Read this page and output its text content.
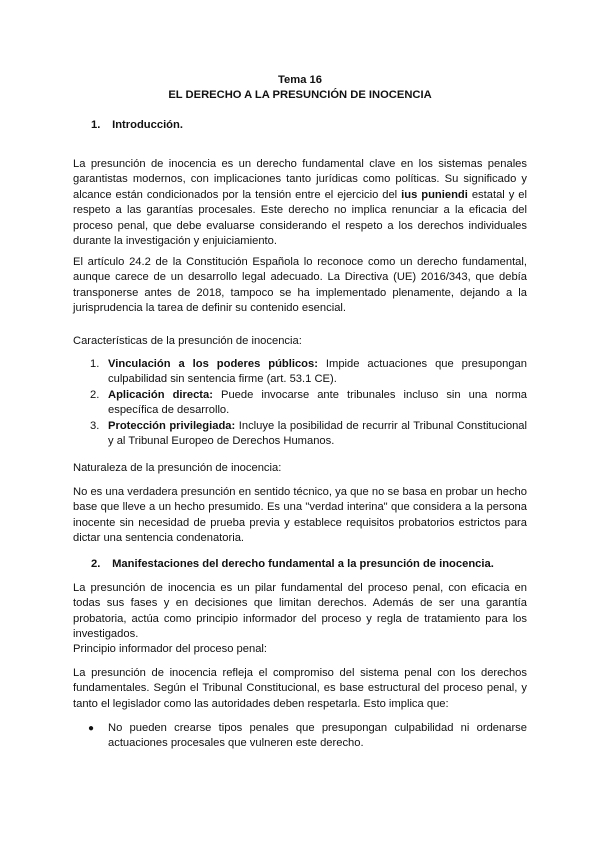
Tema 16
EL DERECHO A LA PRESUNCIÓN DE INOCENCIA
1. Introducción.

La presunción de inocencia es un derecho fundamental clave en los sistemas penales garantistas modernos, con implicaciones tanto jurídicas como políticas. Su significado y alcance están condicionados por la tensión entre el ejercicio del ius puniendi estatal y el respeto a las garantías procesales. Este derecho no implica renunciar a la eficacia del proceso penal, que debe evaluarse considerando el respeto a los derechos individuales durante la investigación y enjuiciamiento.

El artículo 24.2 de la Constitución Española lo reconoce como un derecho fundamental, aunque carece de un desarrollo legal adecuado. La Directiva (UE) 2016/343, que debía transponerse antes de 2018, tampoco se ha implementado plenamente, dejando a la jurisprudencia la tarea de definir su contenido esencial.

Características de la presunción de inocencia:

1. Vinculación a los poderes públicos: Impide actuaciones que presupongan culpabilidad sin sentencia firme (art. 53.1 CE).
2. Aplicación directa: Puede invocarse ante tribunales incluso sin una norma específica de desarrollo.
3. Protección privilegiada: Incluye la posibilidad de recurrir al Tribunal Constitucional y al Tribunal Europeo de Derechos Humanos.

Naturaleza de la presunción de inocencia:

No es una verdadera presunción en sentido técnico, ya que no se basa en probar un hecho base que lleve a un hecho presumido. Es una "verdad interina" que considera a la persona inocente sin necesidad de prueba previa y establece requisitos probatorios estrictos para dictar una sentencia condenatoria.

2. Manifestaciones del derecho fundamental a la presunción de inocencia.

La presunción de inocencia es un pilar fundamental del proceso penal, con eficacia en todas sus fases y en decisiones que limitan derechos. Además de ser una garantía probatoria, actúa como principio informador del proceso y regla de tratamiento para los investigados.

Principio informador del proceso penal:

La presunción de inocencia refleja el compromiso del sistema penal con los derechos fundamentales. Según el Tribunal Constitucional, es base estructural del proceso penal, y tanto el legislador como las autoridades deben respetarla. Esto implica que:

● No pueden crearse tipos penales que presupongan culpabilidad ni ordenarse actuaciones procesales que vulneren este derecho.
